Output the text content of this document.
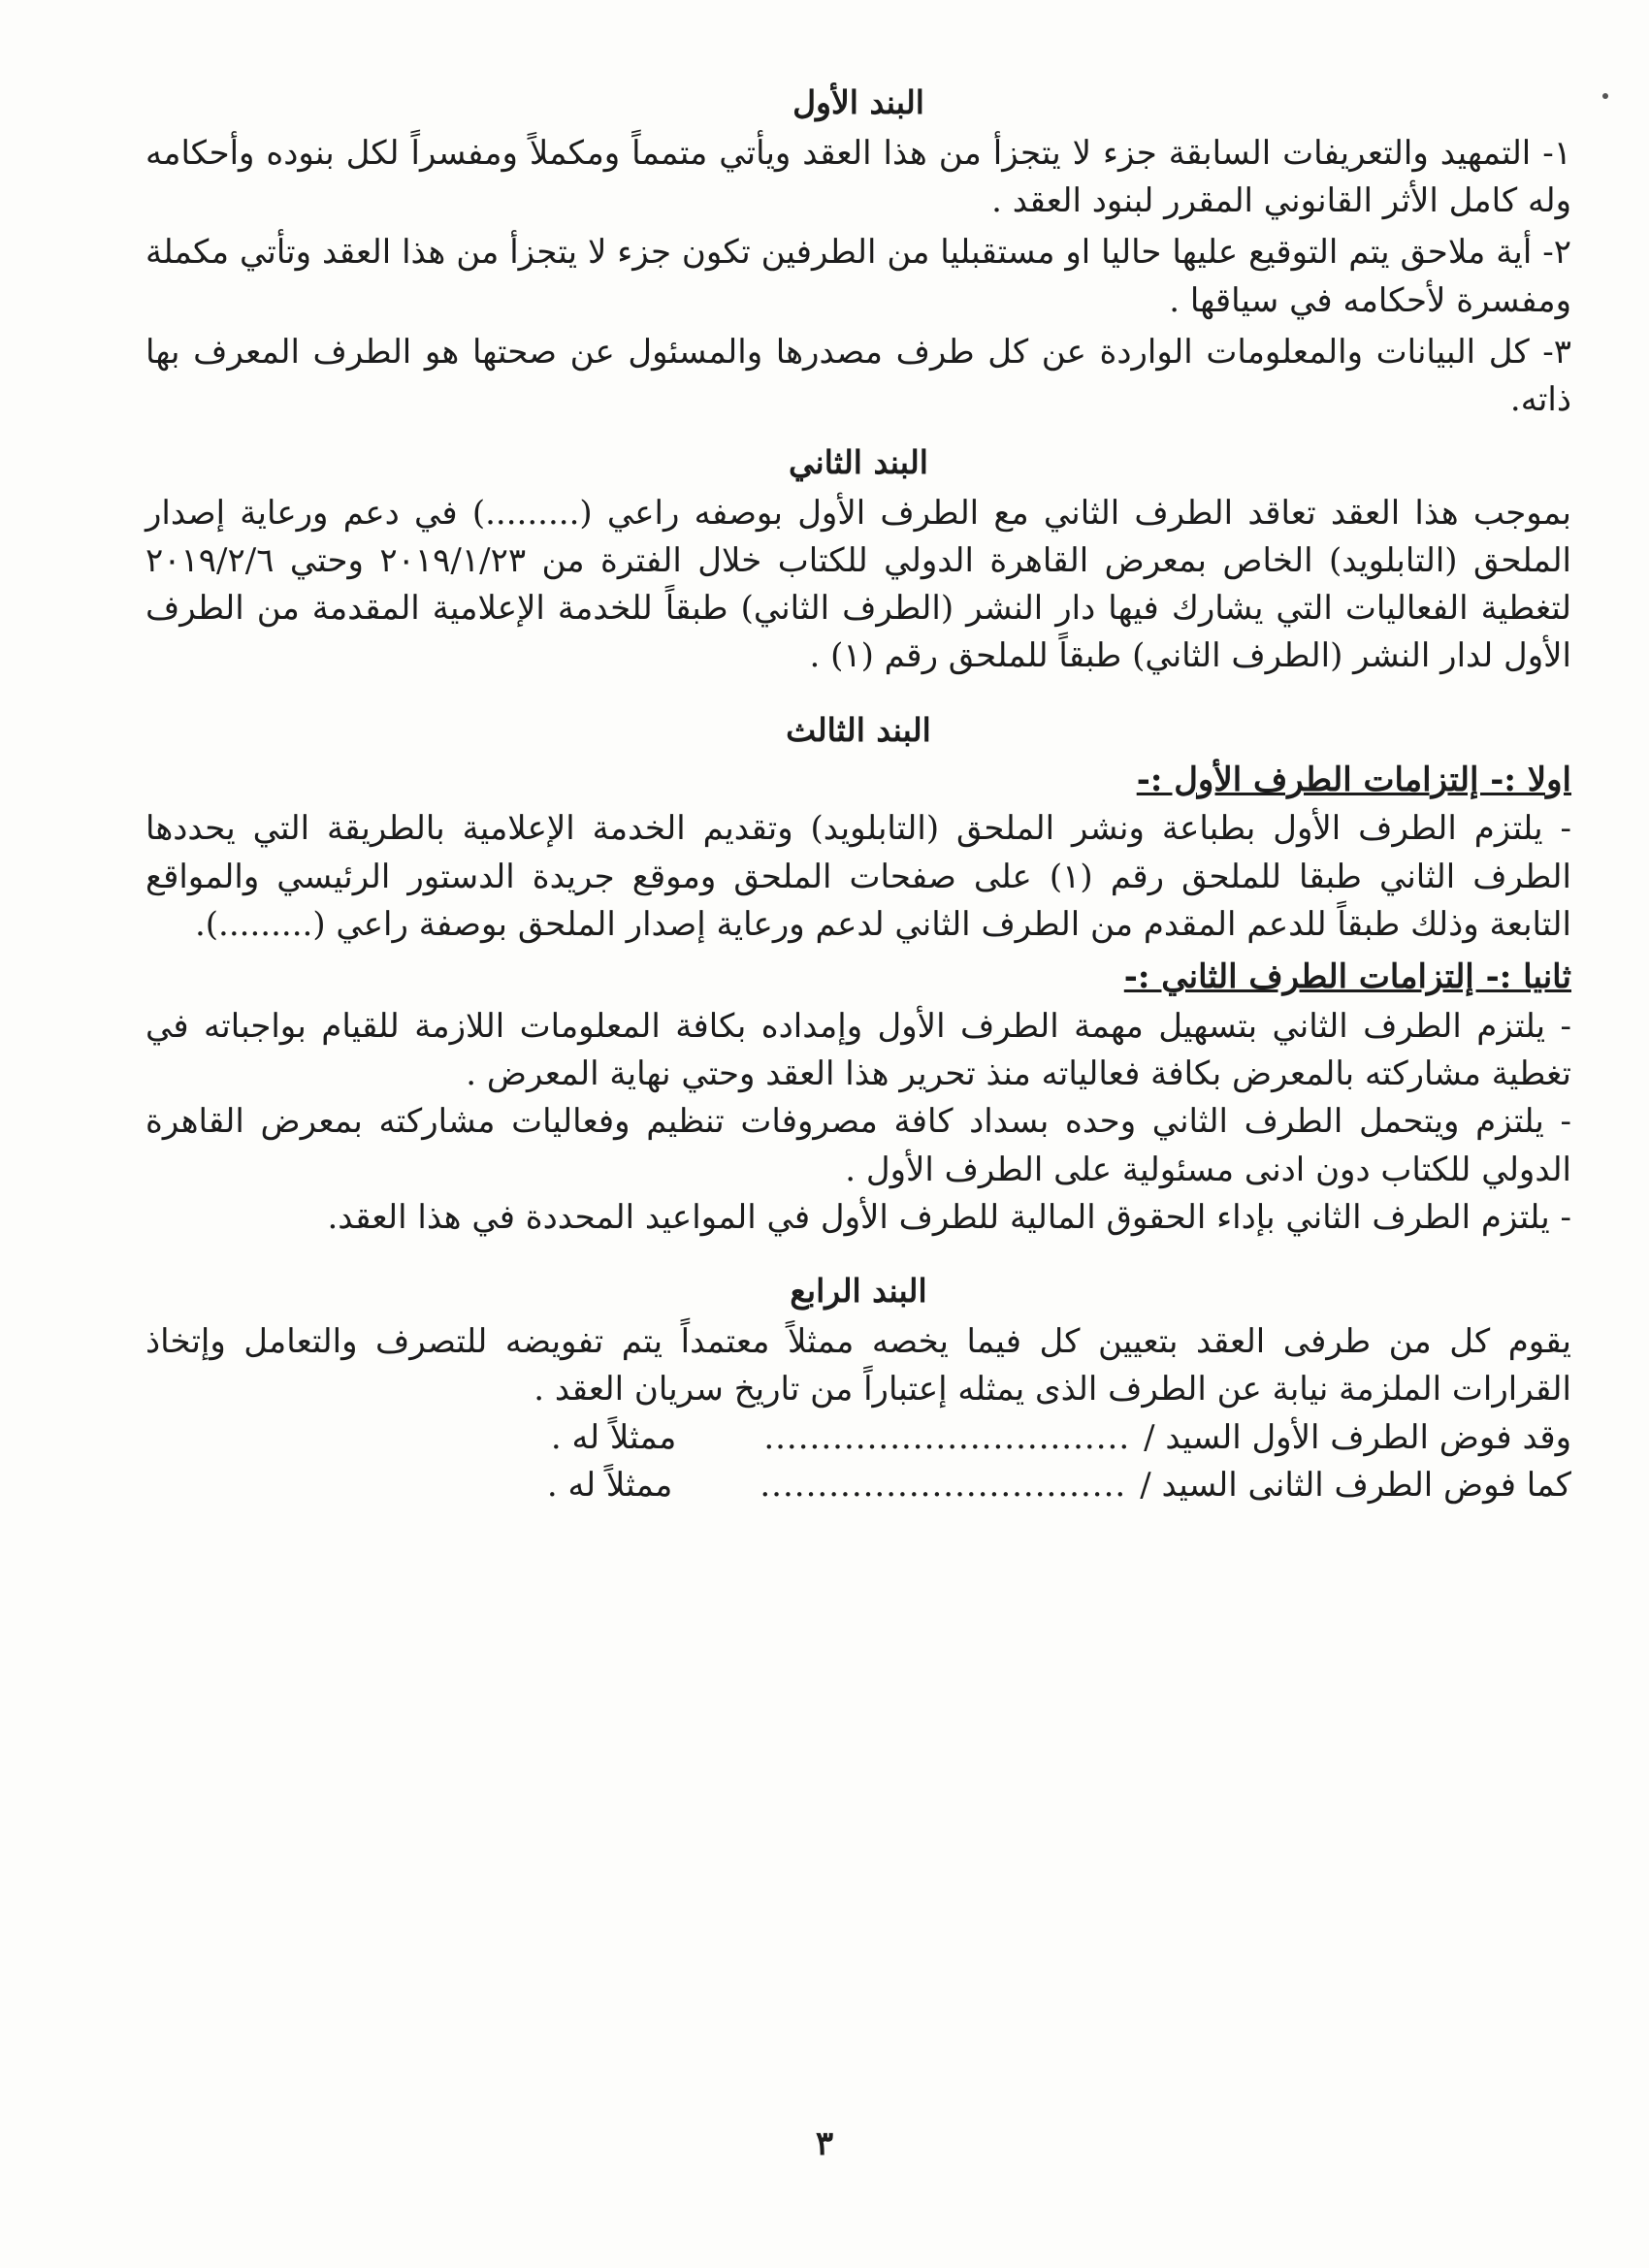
البند الأول

١- التمهيد والتعريفات السابقة جزء لا يتجزأ من هذا العقد ويأتي متمماً ومكملاً ومفسراً لكل بنوده وأحكامه وله كامل الأثر القانوني المقرر لبنود العقد .

٢- أية ملاحق يتم التوقيع عليها حاليا او مستقبليا من الطرفين تكون جزء لا يتجزأ من هذا العقد وتأتي مكملة ومفسرة لأحكامه في سياقها .

٣- كل البيانات والمعلومات الواردة عن كل طرف مصدرها والمسئول عن صحتها هو الطرف المعرف بها ذاته.

البند الثاني

بموجب هذا العقد تعاقد الطرف الثاني مع الطرف الأول بوصفه راعي (.........) في دعم ورعاية إصدار الملحق (التابلويد) الخاص بمعرض القاهرة الدولي للكتاب خلال الفترة من ٢٠١٩/١/٢٣ وحتي ٢٠١٩/٢/٦ لتغطية الفعاليات التي يشارك فيها دار النشر (الطرف الثاني) طبقاً للخدمة الإعلامية المقدمة من الطرف الأول لدار النشر (الطرف الثاني) طبقاً للملحق رقم (١) .

البند الثالث
اولا :- إلتزامات الطرف الأول :-

- يلتزم الطرف الأول بطباعة ونشر الملحق (التابلويد) وتقديم الخدمة الإعلامية بالطريقة التي يحددها الطرف الثاني طبقا للملحق رقم (١) على صفحات الملحق وموقع جريدة الدستور الرئيسي والمواقع التابعة وذلك طبقاً للدعم المقدم من الطرف الثاني لدعم ورعاية إصدار الملحق بوصفة راعي (.........).

ثانيا :- إلتزامات الطرف الثاني :-

- يلتزم الطرف الثاني بتسهيل مهمة الطرف الأول وإمداده بكافة المعلومات اللازمة للقيام بواجباته في تغطية مشاركته بالمعرض بكافة فعالياته منذ تحرير هذا العقد وحتي نهاية المعرض .

- يلتزم ويتحمل الطرف الثاني وحده بسداد كافة مصروفات تنظيم وفعاليات مشاركته بمعرض القاهرة الدولي للكتاب دون ادنى مسئولية على الطرف الأول .

- يلتزم الطرف الثاني بإداء الحقوق المالية للطرف الأول في المواعيد المحددة في هذا العقد.

البند الرابع

يقوم كل من طرفى العقد بتعيين كل فيما يخصه ممثلاً معتمداً يتم تفويضه للتصرف والتعامل وإتخاذ القرارات الملزمة نيابة عن الطرف الذى يمثله إعتباراً من تاريخ سريان العقد .

وقد فوض الطرف الأول السيد /
................................
ممثلاً له .
كما فوض الطرف الثانى السيد /
................................
ممثلاً له .
٣
